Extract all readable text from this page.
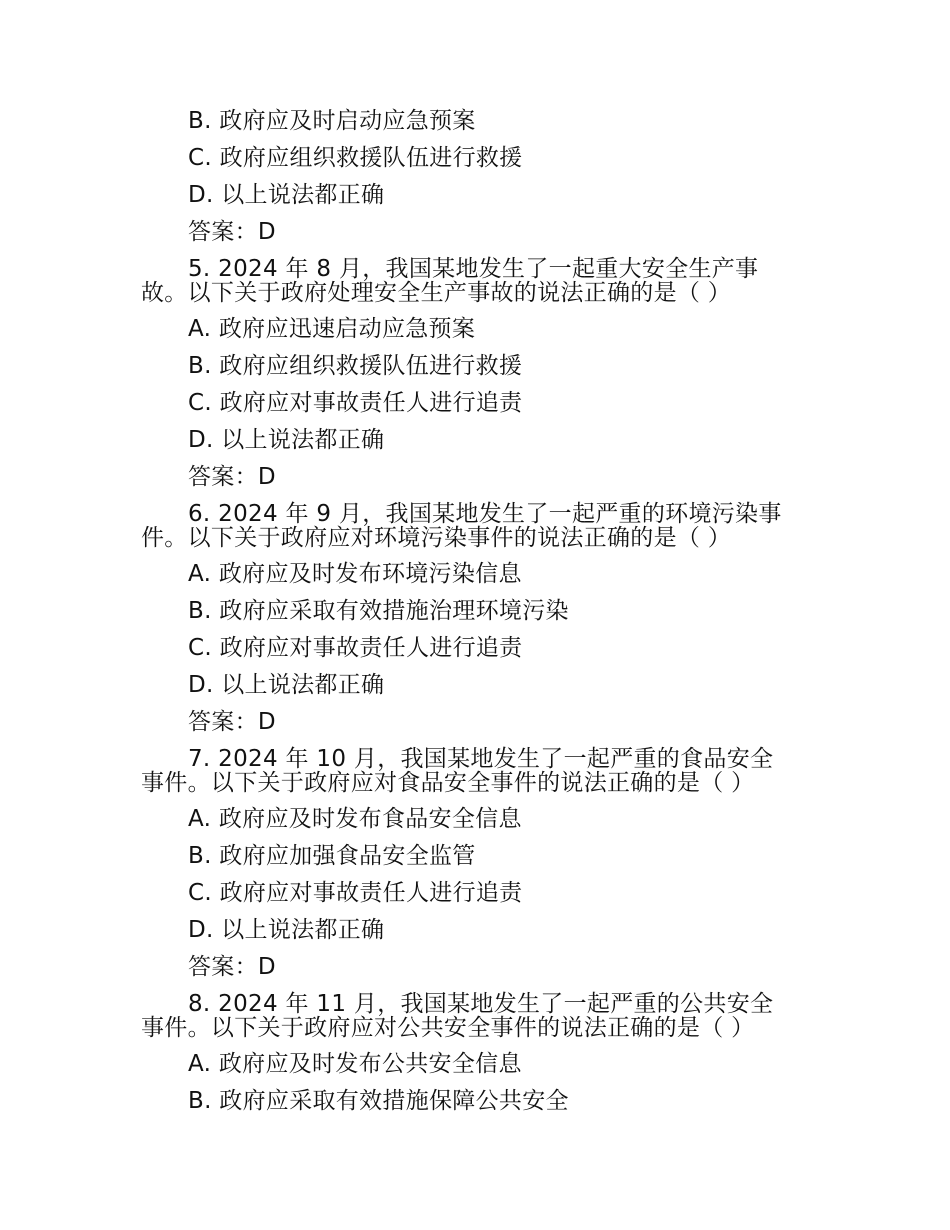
B. 政府应及时启动应急预案
C. 政府应组织救援队伍进行救援
D. 以上说法都正确
答案：D
5. 2024 年 8 月，我国某地发生了一起重大安全生产事
故。以下关于政府处理安全生产事故的说法正确的是（ ）
A. 政府应迅速启动应急预案
B. 政府应组织救援队伍进行救援
C. 政府应对事故责任人进行追责
D. 以上说法都正确
答案：D
6. 2024 年 9 月，我国某地发生了一起严重的环境污染事
件。以下关于政府应对环境污染事件的说法正确的是（ ）
A. 政府应及时发布环境污染信息
B. 政府应采取有效措施治理环境污染
C. 政府应对事故责任人进行追责
D. 以上说法都正确
答案：D
7. 2024 年 10 月，我国某地发生了一起严重的食品安全
事件。以下关于政府应对食品安全事件的说法正确的是（ ）
A. 政府应及时发布食品安全信息
B. 政府应加强食品安全监管
C. 政府应对事故责任人进行追责
D. 以上说法都正确
答案：D
8. 2024 年 11 月，我国某地发生了一起严重的公共安全
事件。以下关于政府应对公共安全事件的说法正确的是（ ）
A. 政府应及时发布公共安全信息
B. 政府应采取有效措施保障公共安全
